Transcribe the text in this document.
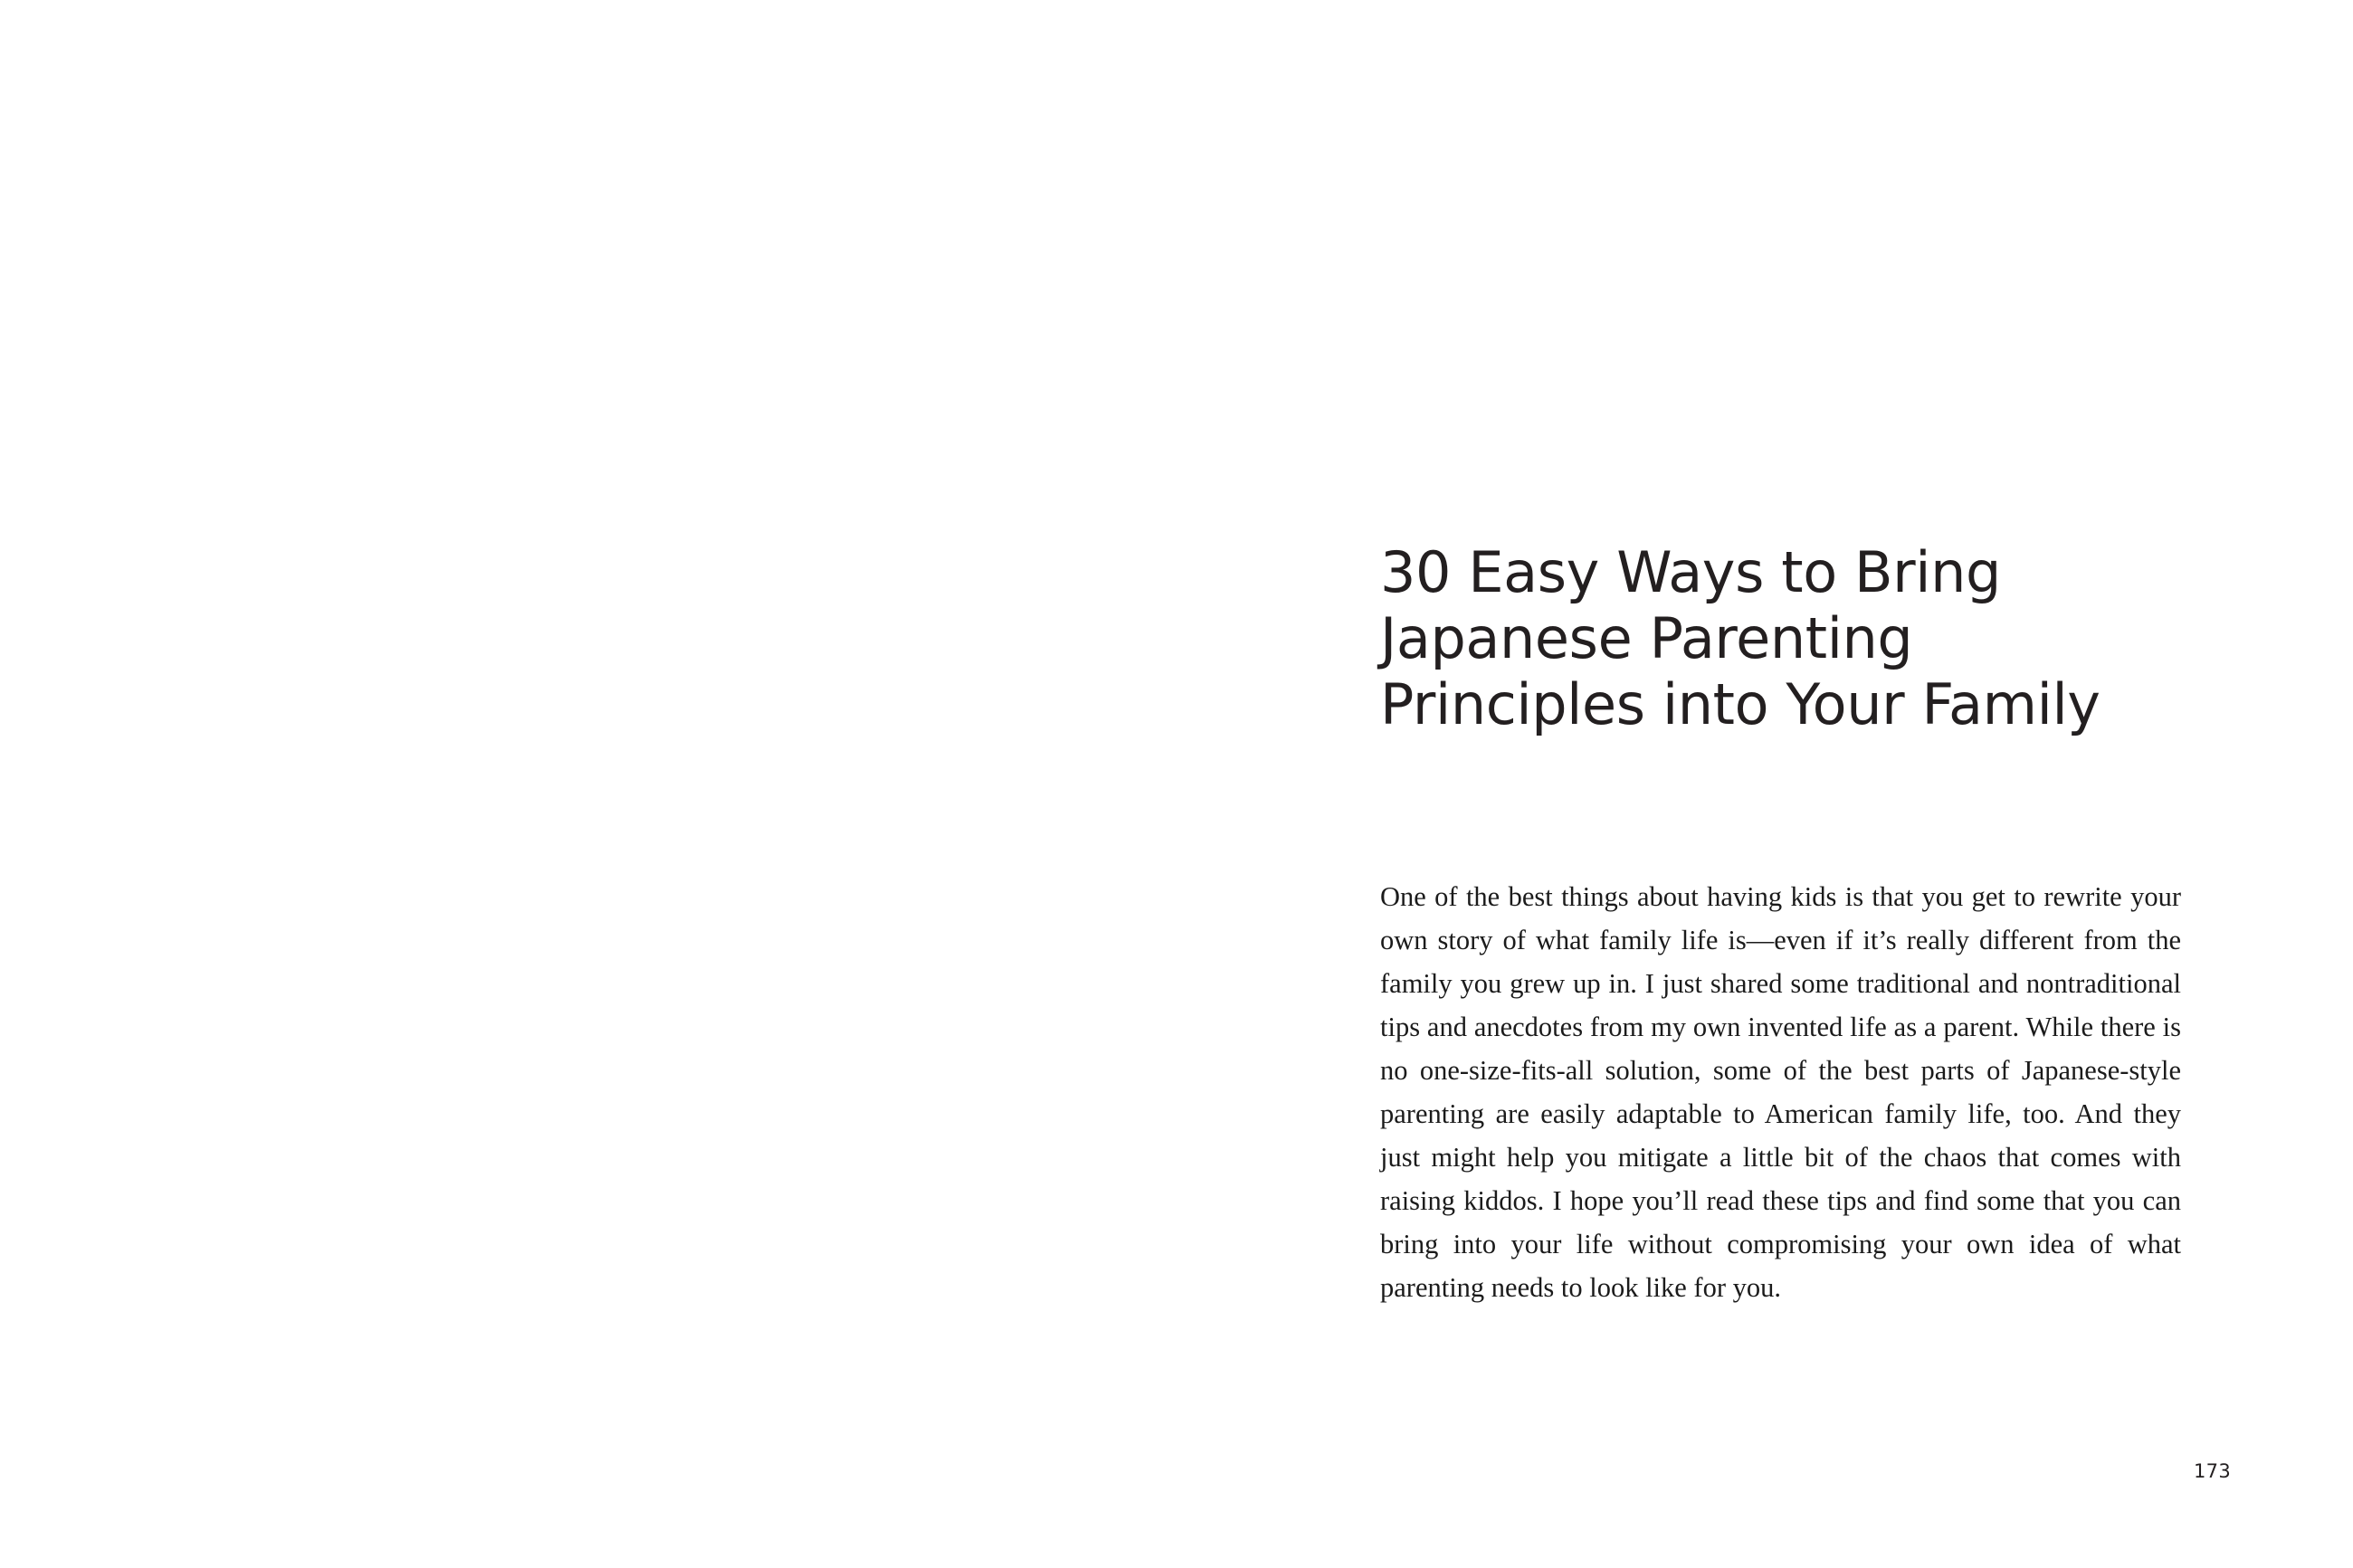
30 Easy Ways to Bring Japanese Parenting Principles into Your Family

One of the best things about having kids is that you get to rewrite your own story of what family life is—even if it’s really different from the family you grew up in. I just shared some traditional and nontraditional tips and anecdotes from my own invented life as a parent. While there is no one-size-fits-all solution, some of the best parts of Japanese-style parenting are easily adaptable to American family life, too. And they just might help you mitigate a little bit of the chaos that comes with raising kiddos. I hope you’ll read these tips and find some that you can bring into your life without compromising your own idea of what parenting needs to look like for you.

173
